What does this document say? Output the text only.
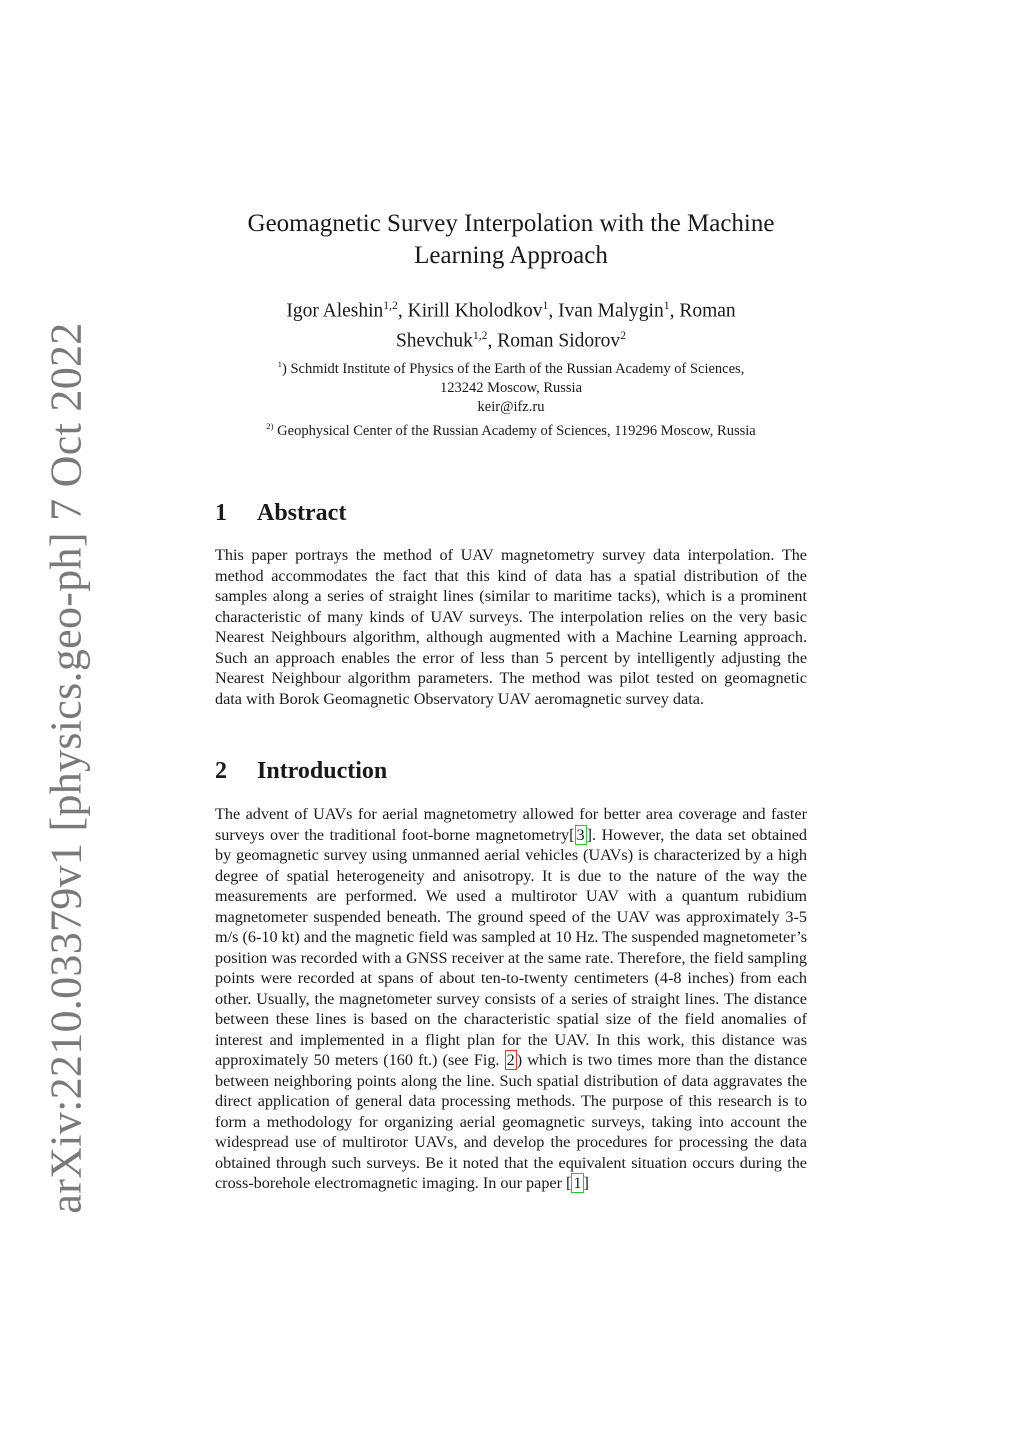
arXiv:2210.03379v1 [physics.geo-ph] 7 Oct 2022
Geomagnetic Survey Interpolation with the Machine
Learning Approach
Igor Aleshin$^{1,2}$, Kirill Kholodkov$^1$, Ivan Malygin$^1$, Roman
Shevchuk$^{1,2}$, Roman Sidorov$^2$
$^1$) Schmidt Institute of Physics of the Earth of the Russian Academy of Sciences,
123242 Moscow, Russia
keir@ifz.ru
$^{2)}$ Geophysical Center of the Russian Academy of Sciences, 119296 Moscow, Russia
1 Abstract

This paper portrays the method of UAV magnetometry survey data interpolation. The method accommodates the fact that this kind of data has a spatial distribution of the samples along a series of straight lines (similar to maritime tacks), which is a prominent characteristic of many kinds of UAV surveys. The interpolation relies on the very basic Nearest Neighbours algorithm, although augmented with a Machine Learning approach. Such an approach enables the error of less than 5 percent by intelligently adjusting the Nearest Neighbour algorithm parameters. The method was pilot tested on geomagnetic data with Borok Geomagnetic Observatory UAV aeromagnetic survey data.

2 Introduction

The advent of UAVs for aerial magnetometry allowed for better area coverage and faster surveys over the traditional foot-borne magnetometry[ 3 ]. However, the data set obtained by geomagnetic survey using unmanned aerial vehicles (UAVs) is characterized by a high degree of spatial heterogeneity and anisotropy. It is due to the nature of the way the measurements are performed. We used a multirotor UAV with a quantum rubidium magnetometer suspended beneath. The ground speed of the UAV was approximately 3-5 m/s (6-10 kt) and the magnetic field was sampled at 10 Hz. The suspended magnetometer’s position was recorded with a GNSS receiver at the same rate. Therefore, the field sampling points were recorded at spans of about ten-to-twenty centimeters (4-8 inches) from each other. Usually, the magnetometer survey consists of a series of straight lines. The distance between these lines is based on the characteristic spatial size of the field anomalies of interest and implemented in a flight plan for the UAV. In this work, this distance was approximately 50 meters (160 ft.) (see Fig. 2 ) which is two times more than the distance between neighboring points along the line. Such spatial distribution of data aggravates the direct application of general data processing methods. The purpose of this research is to form a methodology for organizing aerial geomagnetic surveys, taking into account the widespread use of multirotor UAVs, and develop the procedures for processing the data obtained through such surveys. Be it noted that the equivalent situation occurs during the cross-borehole electromagnetic imaging. In our paper [ 1 ]
